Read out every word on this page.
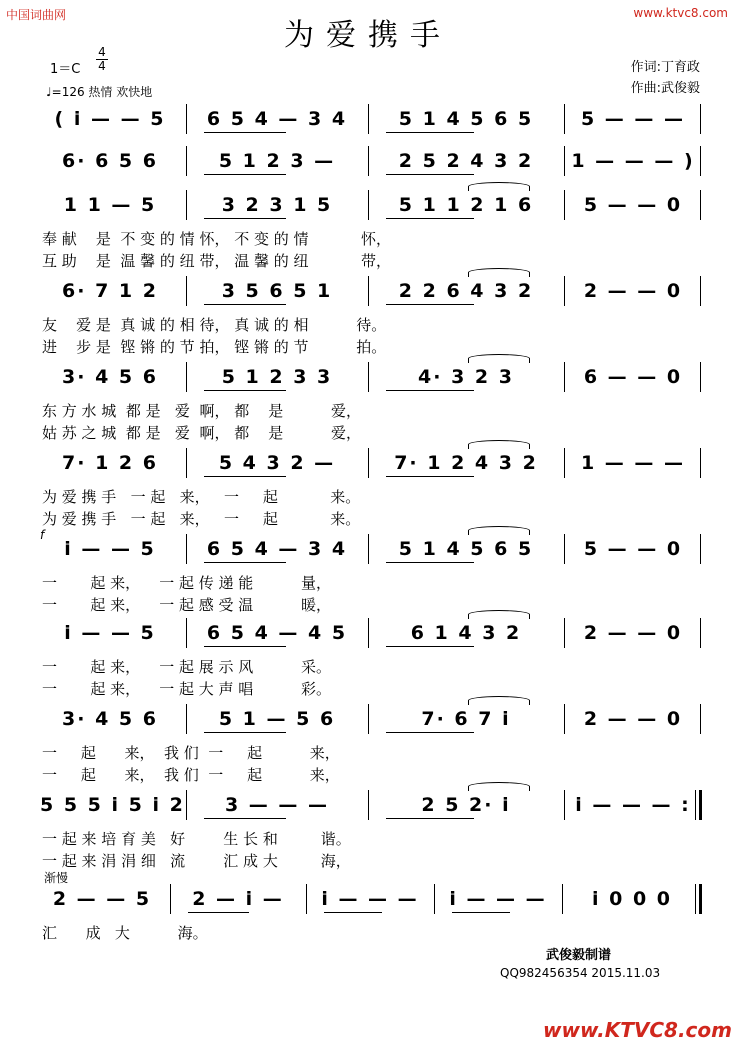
中国词曲网	www.ktvc8.com
为爱携手
1＝C
4
4
♩=126 热情 欢快地
作词:丁育政
作曲:武俊毅
f
渐慢
( i — — 5	6 5 4 — 3 4	5 1 4 5 6 5	5 — — —
6· 6 5 6	5 1 2 3 —	2 5 2 4 3 2	1 — — — )
1 1 — 5	3 2 3 1 5	5 1 1 2 1 6	5 — — 0
奉 献    是  不 变 的 情 怀， 不 变 的 情           怀，
互 助    是  温 馨 的 纽 带， 温 馨 的 纽           带，
6· 7 1 2	3 5 6 5 1	2 2 6 4 3 2	2 — — 0
友    爱 是  真 诚 的 相 待， 真 诚 的 相          待。
进    步 是  铿 锵 的 节 拍， 铿 锵 的 节          拍。
3· 4 5 6	5 1 2 3 3	4· 3 2 3	6 — — 0
东 方 水 城  都 是   爱  啊， 都    是          爱，
姑 苏 之 城  都 是   爱  啊， 都    是          爱，
7· 1 2 6	5 4 3 2 —	7· 1 2 4 3 2	1 — — —
为 爱 携 手   一 起   来，   一     起           来。
为 爱 携 手   一 起   来，   一     起           来。
i — — 5	6 5 4 — 3 4	5 1 4 5 6 5	5 — — 0
一       起 来，    一 起 传 递 能          量，
一       起 来，    一 起 感 受 温          暖，
i — — 5	6 5 4 — 4 5	6 1 4 3 2	2 — — 0
一       起 来，    一 起 展 示 风          采。
一       起 来，    一 起 大 声 唱          彩。
3· 4 5 6	5 1 — 5 6	7· 6 7 i	2 — — 0
一     起      来，  我 们  一     起          来，
一     起      来，  我 们  一     起          来，
5 5 5 i 5 i 2	3 — — —	2 5 2· i	i — — — :
一 起 来 培 育 美   好        生 长 和         谐。
一 起 来 涓 涓 细   流        汇 成 大         海，
2 — — 5	2 — i —	i — — —	i — — —	i 0 0 0
汇      成   大          海。
武俊毅制谱
QQ982456354 2015.11.03
www.KTVC8.com
